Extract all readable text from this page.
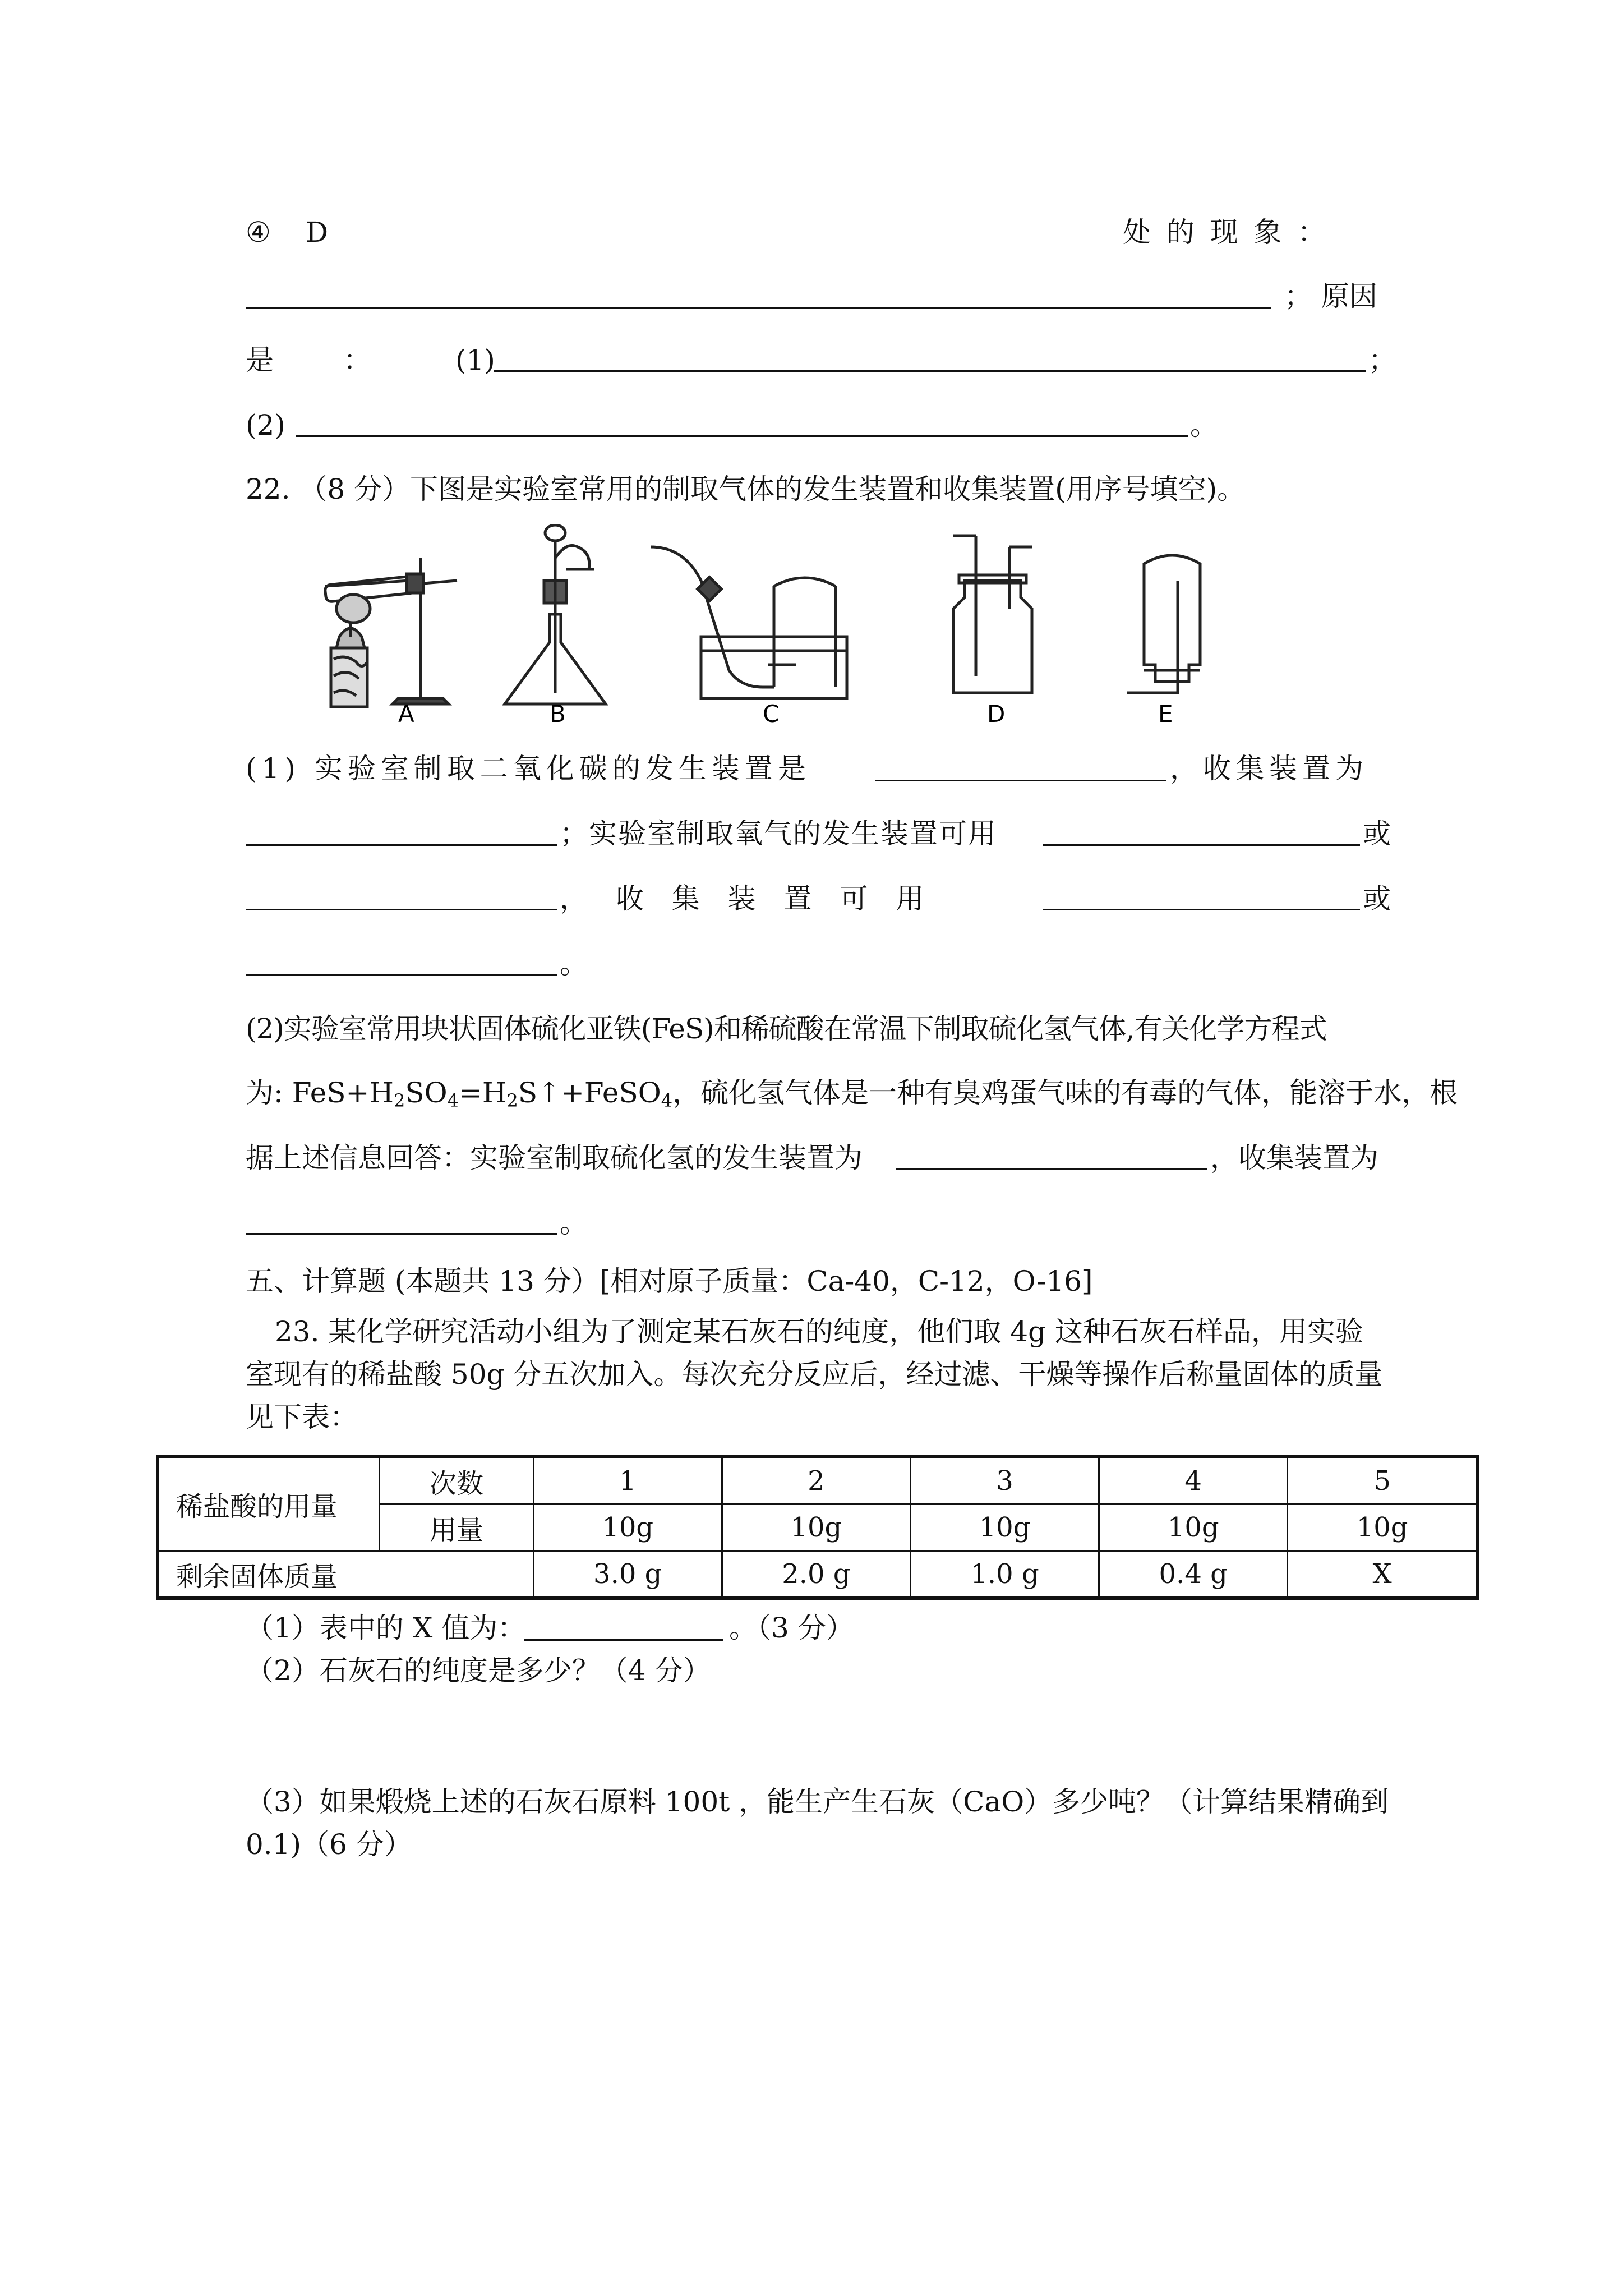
④ D	处 的 现 象 ：
； 原因
是 ：	(1)	；
(2)	。
22. （8 分）下图是实验室常用的制取气体的发生装置和收集装置(用序号填空)。
A	B	C	D	E
(1) 实验室制取二氧化碳的发生装置是	，收集装置为
；实验室制取氧气的发生装置可用	或
， 收 集 装 置 可 用	或
。
(2)实验室常用块状固体硫化亚铁(FeS)和稀硫酸在常温下制取硫化氢气体,有关化学方程式
为: $FeS+H_2SO_4=H_2S↑+FeSO_4$，硫化氢气体是一种有臭鸡蛋气味的有毒的气体，能溶于水，根
据上述信息回答：实验室制取硫化氢的发生装置为	，收集装置为
。
五、计算题 (本题共 13 分）[相对原子质量：Ca-40，C-12，O-16]
23. 某化学研究活动小组为了测定某石灰石的纯度，他们取 4g 这种石灰石样品，用实验
室现有的稀盐酸 50g 分五次加入。每次充分反应后，经过滤、干燥等操作后称量固体的质量
见下表：
稀盐酸的用量	次数	1	2	3	4	5
	用量	10g	10g	10g	10g	10g
剩余固体质量		3.0 g	2.0 g	1.0 g	0.4 g	X
（1）表中的 X 值为：	。（3 分）
（2）石灰石的纯度是多少？（4 分）
（3）如果煅烧上述的石灰石原料 100t ，能生产生石灰（CaO）多少吨？（计算结果精确到
0.1)（6 分）
